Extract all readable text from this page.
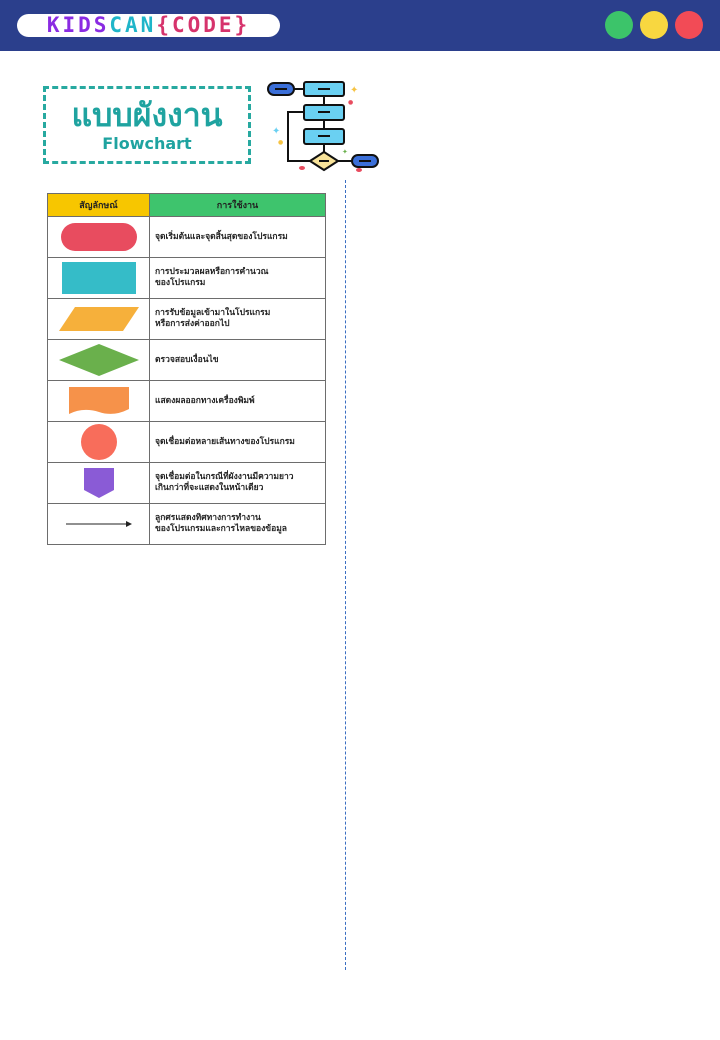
KIDSCAN{CODE}
แบบผังงาน
Flowchart
✦
●
✦
✦
●
สัญลักษณ์	การใช้งาน

	จุดเริ่มต้นและจุดสิ้นสุดของโปรแกรม

	การประมวลผลหรือการคำนวณ
ของโปรแกรม

	การรับข้อมูลเข้ามาในโปรแกรม
หรือการส่งค่าออกไป

	ตรวจสอบเงื่อนไข

	แสดงผลออกทางเครื่องพิมพ์

	จุดเชื่อมต่อหลายเส้นทางของโปรแกรม

	จุดเชื่อมต่อในกรณีที่ผังงานมีความยาว
เกินกว่าที่จะแสดงในหน้าเดียว

	ลูกศรแสดงทิศทางการทำงาน
ของโปรแกรมและการไหลของข้อมูล
